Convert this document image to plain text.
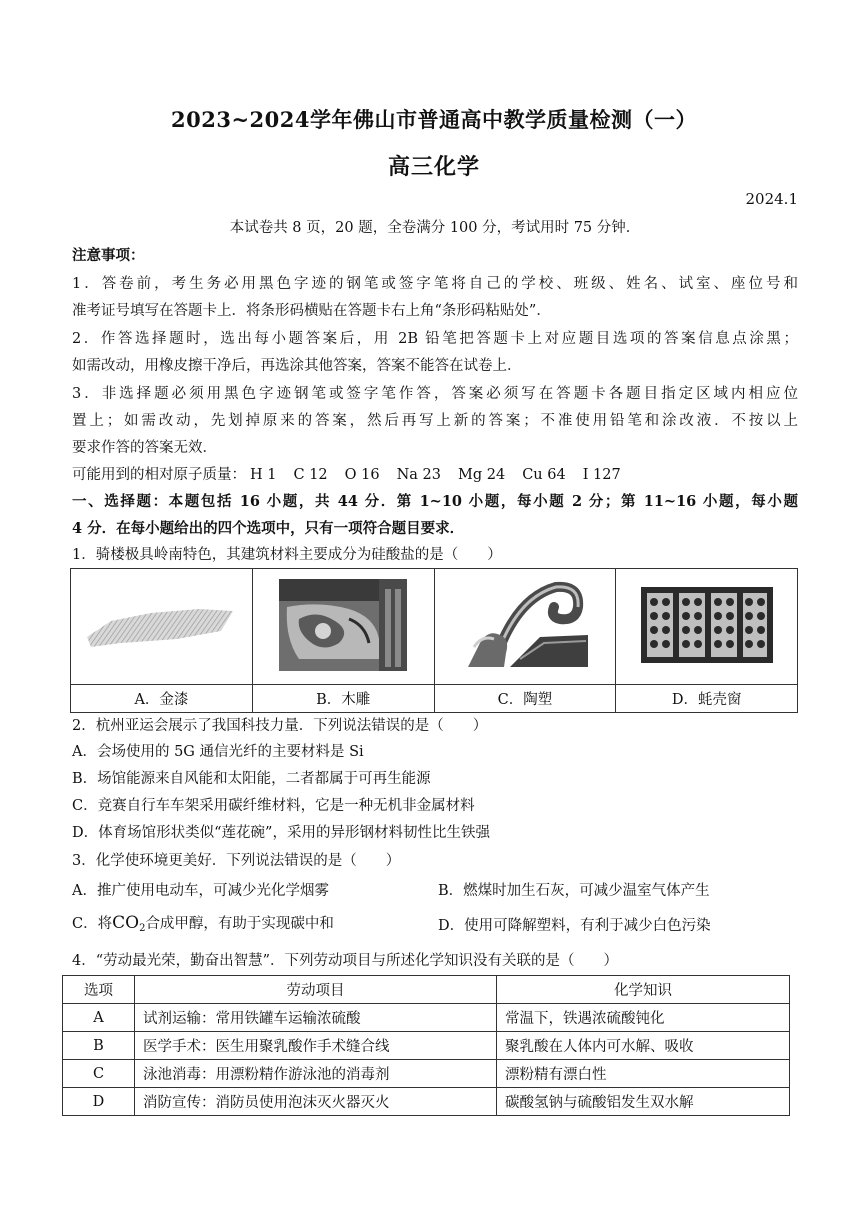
2023~2024学年佛山市普通高中教学质量检测（一）
高三化学
2024.1
本试卷共 8 页，20 题，全卷满分 100 分，考试用时 75 分钟．
注意事项：
1．答卷前，考生务必用黑色字迹的钢笔或签字笔将自己的学校、班级、姓名、试室、座位号和
准考证号填写在答题卡上．将条形码横贴在答题卡右上角“条形码粘贴处”．
2．作答选择题时，选出每小题答案后，用 2B 铅笔把答题卡上对应题目选项的答案信息点涂黑；
如需改动，用橡皮擦干净后，再选涂其他答案，答案不能答在试卷上．
3．非选择题必须用黑色字迹钢笔或签字笔作答，答案必须写在答题卡各题目指定区域内相应位
置上；如需改动，先划掉原来的答案，然后再写上新的答案；不准使用铅笔和涂改液．不按以上
要求作答的答案无效．
可能用到的相对原子质量： H 1 C 12 O 16 Na 23 Mg 24 Cu 64 I 127
一、选择题：本题包括 16 小题，共 44 分．第 1~10 小题，每小题 2 分；第 11~16 小题，每小题
4 分．在每小题给出的四个选项中，只有一项符合题目要求．
1．骑楼极具岭南特色，其建筑材料主要成分为硅酸盐的是（　　）

A．金漆	B．木雕	C．陶塑	D．蚝壳窗
2．杭州亚运会展示了我国科技力量．下列说法错误的是（　　）
A．会场使用的 5G 通信光纤的主要材料是 Si
B．场馆能源来自风能和太阳能，二者都属于可再生能源
C．竞赛自行车车架采用碳纤维材料，它是一种无机非金属材料
D．体育场馆形状类似“莲花碗”，采用的异形钢材料韧性比生铁强
3．化学使环境更美好．下列说法错误的是（　　）
A．推广使用电动车，可减少光化学烟雾	B．燃煤时加生石灰，可减少温室气体产生
C．将$CO_2$合成甲醇，有助于实现碳中和	D．使用可降解塑料，有利于减少白色污染
4．“劳动最光荣，勤奋出智慧”．下列劳动项目与所述化学知识没有关联的是（　　）
选项	劳动项目	化学知识
A	试剂运输：常用铁罐车运输浓硫酸	常温下，铁遇浓硫酸钝化
B	医学手术：医生用聚乳酸作手术缝合线	聚乳酸在人体内可水解、吸收
C	泳池消毒：用漂粉精作游泳池的消毒剂	漂粉精有漂白性
D	消防宣传：消防员使用泡沫灭火器灭火	碳酸氢钠与硫酸铝发生双水解
